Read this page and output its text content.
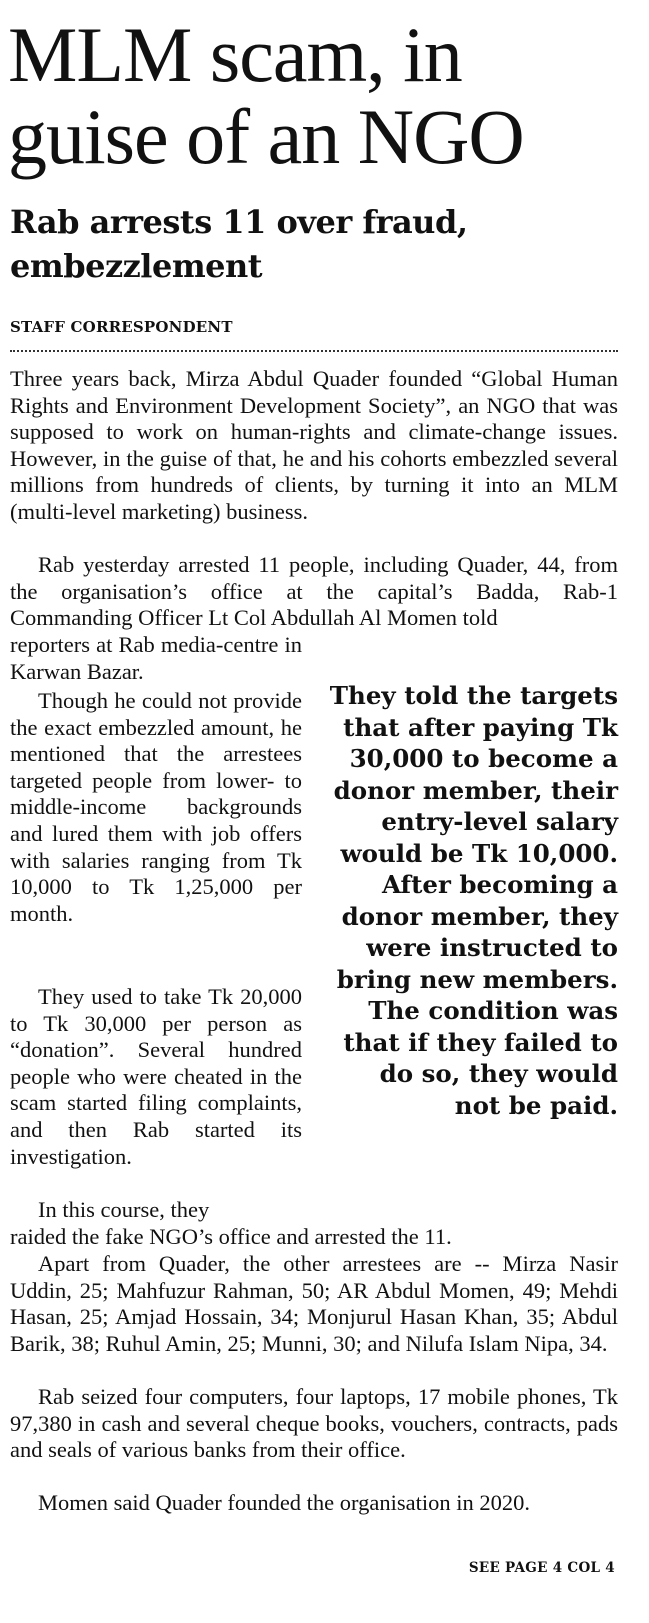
MLM scam, in guise of an NGO
Rab arrests 11 over fraud, embezzlement
STAFF CORRESPONDENT

Three years back, Mirza Abdul Quader founded “Global Human Rights and Environment Development Society”, an NGO that was supposed to work on human-rights and climate-change issues. However, in the guise of that, he and his cohorts embezzled several millions from hundreds of clients, by turning it into an MLM (multi-level marketing) business.

Rab yesterday arrested 11 people, including Quader, 44, from the organisation’s office at the capital’s Badda, Rab-1 Commanding Officer Lt Col Abdullah Al Momen told

reporters at Rab media-centre in Karwan Bazar.

Though he could not provide the exact embezzled amount, he mentioned that the arrestees targeted people from lower- to middle-income backgrounds and lured them with job offers with salaries ranging from Tk 10,000 to Tk 1,25,000 per month.

They used to take Tk 20,000 to Tk 30,000 per person as “donation”. Several hundred people who were cheated in the scam started filing complaints, and then Rab started its investigation.

In this course, they

raided the fake NGO’s office and arrested the 11.

Apart from Quader, the other arrestees are -- Mirza Nasir Uddin, 25; Mahfuzur Rahman, 50; AR Abdul Momen, 49; Mehdi Hasan, 25; Amjad Hossain, 34; Monjurul Hasan Khan, 35; Abdul Barik, 38; Ruhul Amin, 25; Munni, 30; and Nilufa Islam Nipa, 34.

Rab seized four computers, four laptops, 17 mobile phones, Tk 97,380 in cash and several cheque books, vouchers, contracts, pads and seals of various banks from their office.

Momen said Quader founded the organisation in 2020.

They told the targets that after paying Tk 30,000 to become a donor member, their entry-level salary would be Tk 10,000. After becoming a donor member, they were instructed to bring new members. The condition was that if they failed to do so, they would not be paid.
SEE PAGE 4 COL 4
